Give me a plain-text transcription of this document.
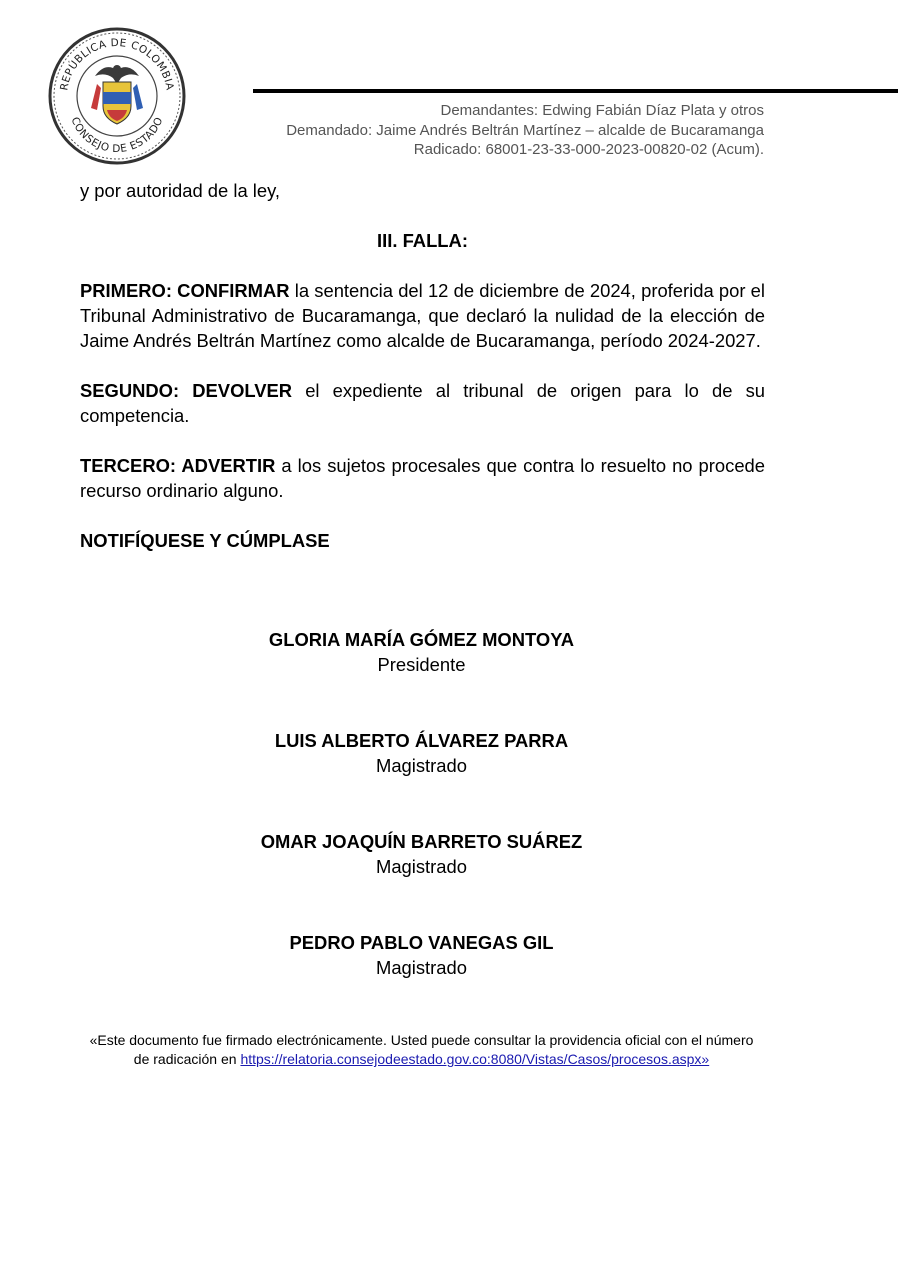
REPÚBLICA DE COLOMBIA
CONSEJO DE ESTADO
Demandantes: Edwing Fabián Díaz Plata y otros
Demandado: Jaime Andrés Beltrán Martínez – alcalde de Bucaramanga
Radicado: 68001-23-33-000-2023-00820-02 (Acum).

y por autoridad de la ley,

III. FALLA:

PRIMERO: CONFIRMAR la sentencia del 12 de diciembre de 2024, proferida por el Tribunal Administrativo de Bucaramanga, que declaró la nulidad de la elección de Jaime Andrés Beltrán Martínez como alcalde de Bucaramanga, período 2024-2027.

SEGUNDO: DEVOLVER el expediente al tribunal de origen para lo de su competencia.

TERCERO: ADVERTIR a los sujetos procesales que contra lo resuelto no procede recurso ordinario alguno.

NOTIFÍQUESE Y CÚMPLASE

GLORIA MARÍA GÓMEZ MONTOYA
Presidente
LUIS ALBERTO ÁLVAREZ PARRA
Magistrado
OMAR JOAQUÍN BARRETO SUÁREZ
Magistrado
PEDRO PABLO VANEGAS GIL
Magistrado
«Este documento fue firmado electrónicamente. Usted puede consultar la providencia oficial con el número
de radicación en https://relatoria.consejodeestado.gov.co:8080/Vistas/Casos/procesos.aspx»
